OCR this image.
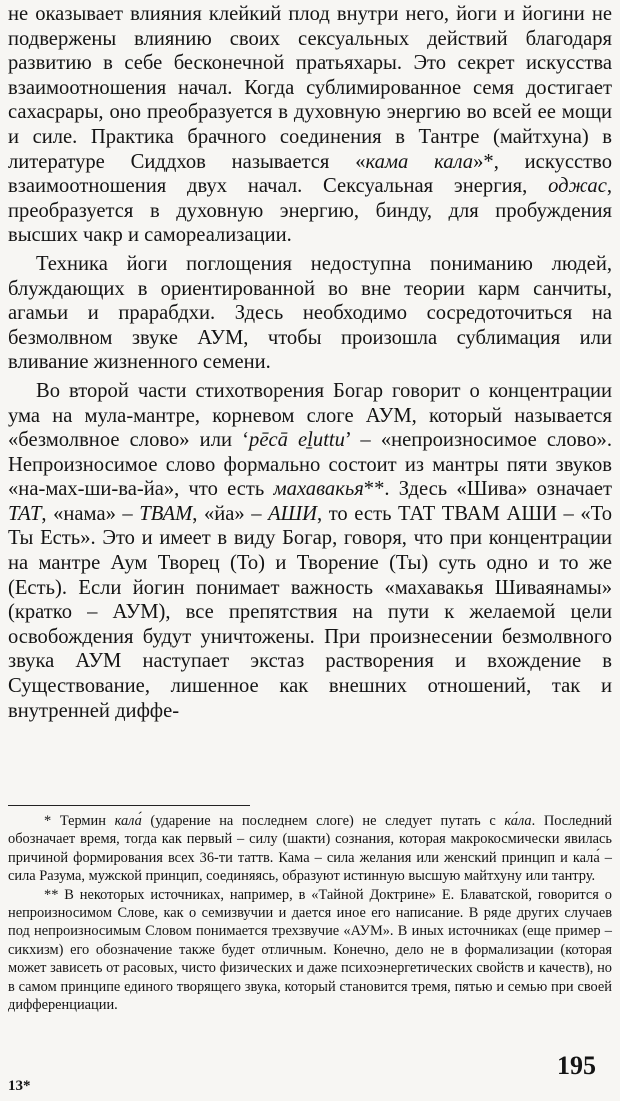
не оказывает влияния клейкий плод внутри него, йоги и йогини не подвержены влиянию своих сексуальных действий благодаря развитию в себе бесконечной пратьяхары. Это секрет искусства взаимоотношения начал. Когда сублимированное семя достигает сахасрары, оно преобразуется в духовную энергию во всей ее мощи и силе. Практика брачного соединения в Тантре (майтхуна) в литературе Сиддхов называется «кама кала»*, искусство взаимоотношения двух начал. Сексуальная энергия, оджас, преобразуется в духовную энергию, бинду, для пробуждения высших чакр и самореализации.

Техника йоги поглощения недоступна пониманию людей, блуждающих в ориентированной во вне теории карм санчиты, агамьи и прарабдхи. Здесь необходимо сосредоточиться на безмолвном звуке АУМ, чтобы произошла сублимация или вливание жизненного семени.

Во второй части стихотворения Богар говорит о концентрации ума на мула-мантре, корневом слоге АУМ, который называется «безмолвное слово» или ‘pēcā eḻuttu’ – «непроизносимое слово». Непроизносимое слово формально состоит из мантры пяти звуков «на-мах-ши-ва-йа», что есть махавакья**. Здесь «Шива» означает ТАТ, «нама» – ТВАМ, «йа» – АШИ, то есть ТАТ ТВАМ АШИ – «То Ты Есть». Это и имеет в виду Богар, говоря, что при концентрации на мантре Аум Творец (То) и Творение (Ты) суть одно и то же (Есть). Если йогин понимает важность «махавакья Шиваянамы» (кратко – АУМ), все препятствия на пути к желаемой цели освобождения будут уничтожены. При произнесении безмолвного звука АУМ наступает экстаз растворения и вхождение в Существование, лишенное как внешних отношений, так и внутренней диффе-

* Термин кала́ (ударение на последнем слоге) не следует путать с ка́ла. Последний обозначает время, тогда как первый – силу (шакти) сознания, которая макрокосмически явилась причиной формирования всех 36-ти таттв. Кама – сила желания или женский принцип и кала́ – сила Разума, мужской принцип, соединяясь, образуют истинную высшую майтхуну или тантру.

** В некоторых источниках, например, в «Тайной Доктрине» Е. Блаватской, говорится о непроизносимом Слове, как о семизвучии и дается иное его написание. В ряде других случаев под непроизносимым Словом понимается трехзвучие «АУМ». В иных источниках (еще пример – сикхизм) его обозначение также будет отличным. Конечно, дело не в формализации (которая может зависеть от расовых, чисто физических и даже психоэнергетических свойств и качеств), но в самом принципе единого творящего звука, который становится тремя, пятью и семью при своей дифференциации.

195
13*
